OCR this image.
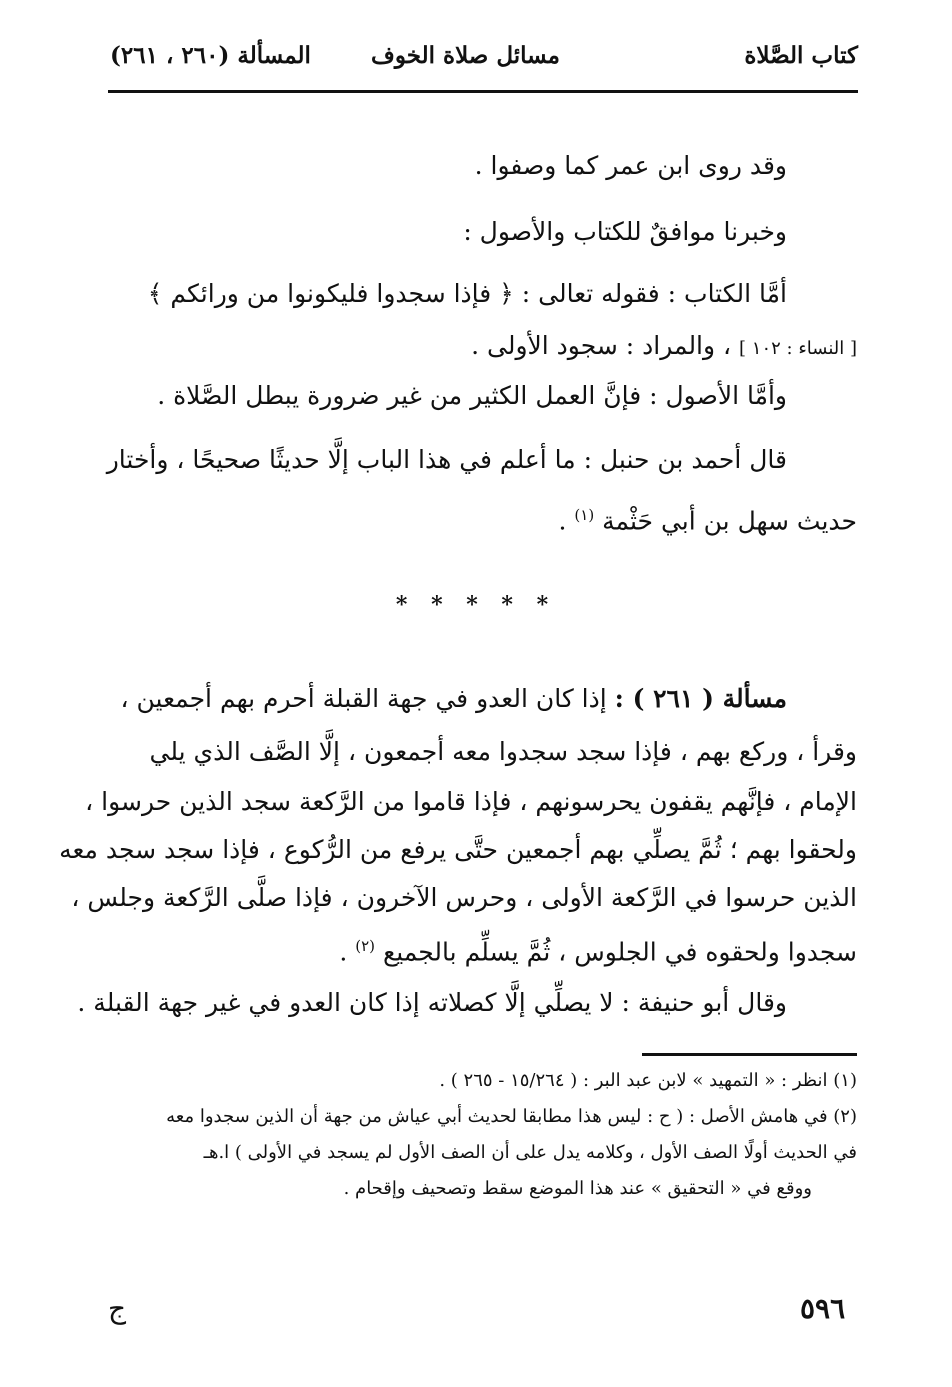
كتاب الصَّلاة
مسائل صلاة الخوف
المسألة (٢٦٠ ، ٢٦١)
وقد روى ابن عمر كما وصفوا .
وخبرنا موافقٌ للكتاب والأصول :
أمَّا الكتاب : فقوله تعالى : ﴿ فإذا سجدوا فليكونوا من ورائكم ﴾
[ النساء : ١٠٢ ] ، والمراد : سجود الأولى .
وأمَّا الأصول : فإنَّ العمل الكثير من غير ضرورة يبطل الصَّلاة .
قال أحمد بن حنبل : ما أعلم في هذا الباب إلَّا حديثًا صحيحًا ، وأختار
حديث سهل بن أبي حَثْمة $^{(١)}$ .
* * * * *
مسألة ( ٢٦١ ) : إذا كان العدو في جهة القبلة أحرم بهم أجمعين ،
وقرأ ، وركع بهم ، فإذا سجد سجدوا معه أجمعون ، إلَّا الصَّف الذي يلي
الإمام ، فإنَّهم يقفون يحرسونهم ، فإذا قاموا من الرَّكعة سجد الذين حرسوا ،
ولحقوا بهم ؛ ثُمَّ يصلِّي بهم أجمعين حتَّى يرفع من الرُّكوع ، فإذا سجد سجد معه
الذين حرسوا في الرَّكعة الأولى ، وحرس الآخرون ، فإذا صلَّى الرَّكعة وجلس ،
سجدوا ولحقوه في الجلوس ، ثُمَّ يسلِّم بالجميع $^{(٢)}$ .
وقال أبو حنيفة : لا يصلِّي إلَّا كصلاته إذا كان العدو في غير جهة القبلة .
(١) انظر : « التمهيد » لابن عبد البر : ( ١٥/٢٦٤ - ٢٦٥ ) .
(٢) في هامش الأصل : ( ح : ليس هذا مطابقا لحديث أبي عياش من جهة أن الذين سجدوا معه
في الحديث أولًا الصف الأول ، وكلامه يدل على أن الصف الأول لم يسجد في الأولى ) ا.هـ
ووقع في « التحقيق » عند هذا الموضع سقط وتصحيف وإقحام .
٥٩٦
ج
